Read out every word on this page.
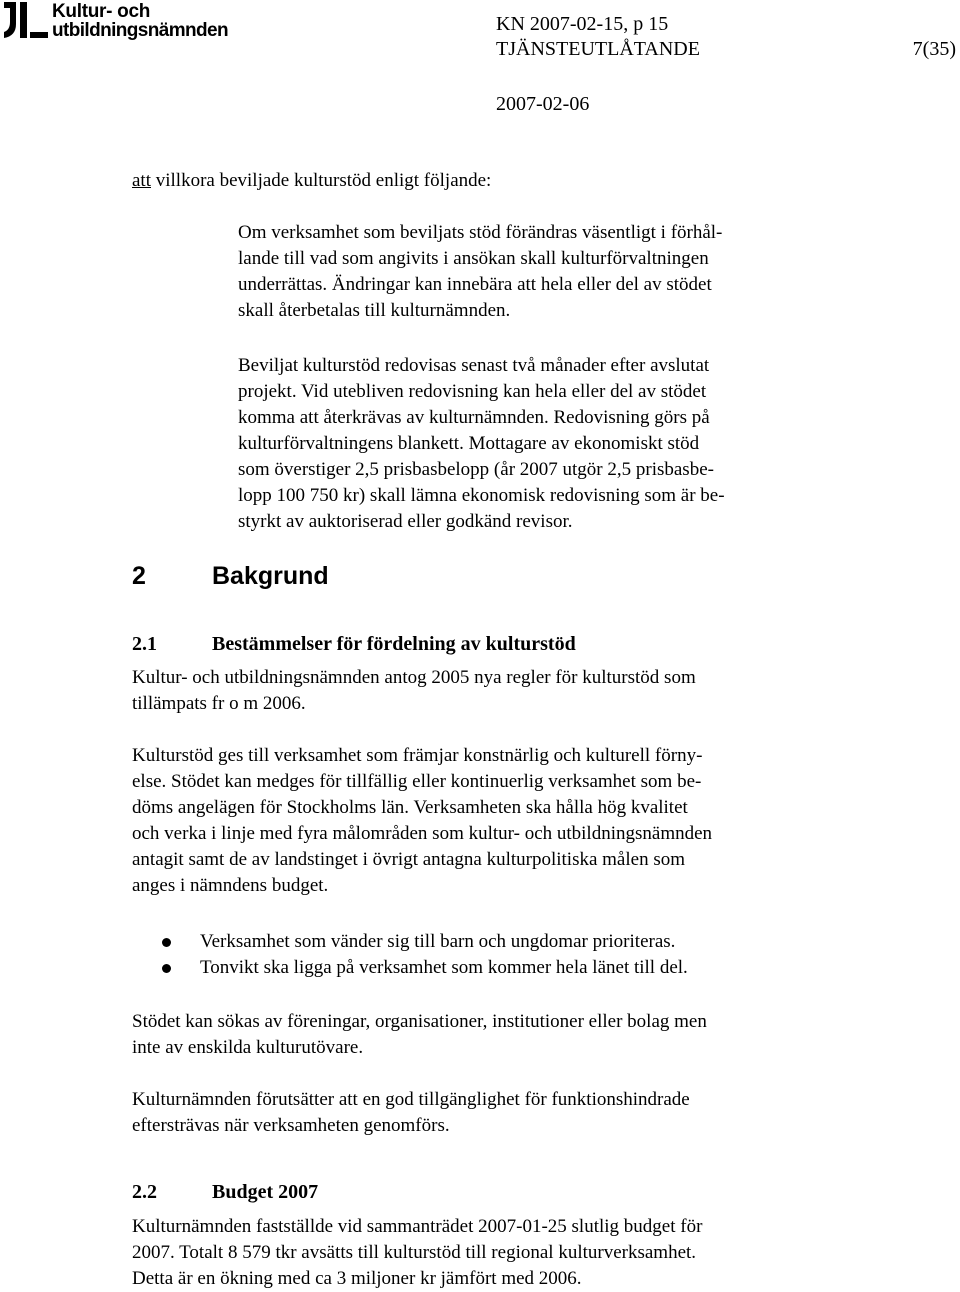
Kultur- och
utbildningsnämnden	KN 2007-02-15, p 15
TJÄNSTEUTLÅTANDE	7(35)
2007-02-06
att villkora beviljade kulturstöd enligt följande:
Om verksamhet som beviljats stöd förändras väsentligt i förhål-
lande till vad som angivits i ansökan skall kulturförvaltningen
underrättas. Ändringar kan innebära att hela eller del av stödet
skall återbetalas till kulturnämnden.
Beviljat kulturstöd redovisas senast två månader efter avslutat
projekt. Vid utebliven redovisning kan hela eller del av stödet
komma att återkrävas av kulturnämnden. Redovisning görs på
kulturförvaltningens blankett. Mottagare av ekonomiskt stöd
som överstiger 2,5 prisbasbelopp (år 2007 utgör 2,5 prisbasbe-
lopp 100 750 kr) skall lämna ekonomisk redovisning som är be-
styrkt av auktoriserad eller godkänd revisor.
2	Bakgrund
2.1	Bestämmelser för fördelning av kulturstöd
Kultur- och utbildningsnämnden antog 2005 nya regler för kulturstöd som
tillämpats fr o m 2006.
Kulturstöd ges till verksamhet som främjar konstnärlig och kulturell förny-
else. Stödet kan medges för tillfällig eller kontinuerlig verksamhet som be-
döms angelägen för Stockholms län. Verksamheten ska hålla hög kvalitet
och verka i linje med fyra målområden som kultur- och utbildningsnämnden
antagit samt de av landstinget i övrigt antagna kulturpolitiska målen som
anges i nämndens budget.
Verksamhet som vänder sig till barn och ungdomar prioriteras.
Tonvikt ska ligga på verksamhet som kommer hela länet till del.
Stödet kan sökas av föreningar, organisationer, institutioner eller bolag men
inte av enskilda kulturutövare.
Kulturnämnden förutsätter att en god tillgänglighet för funktionshindrade
eftersträvas när verksamheten genomförs.
2.2	Budget 2007
Kulturnämnden fastställde vid sammanträdet 2007-01-25 slutlig budget för
2007. Totalt 8 579 tkr avsätts till kulturstöd till regional kulturverksamhet.
Detta är en ökning med ca 3 miljoner kr jämfört med 2006.
